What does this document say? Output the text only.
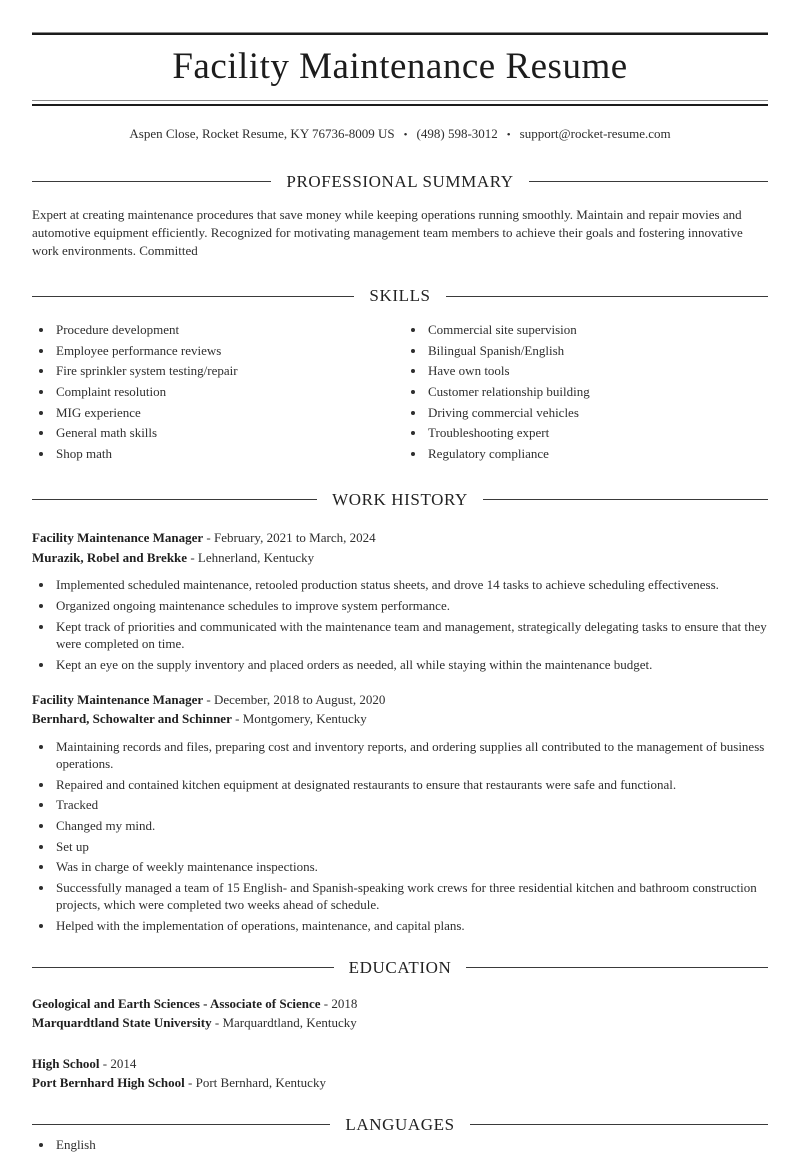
Facility Maintenance Resume
Aspen Close, Rocket Resume, KY 76736-8009 US • (498) 598-3012 • support@rocket-resume.com
PROFESSIONAL SUMMARY

Expert at creating maintenance procedures that save money while keeping operations running smoothly. Maintain and repair movies and automotive equipment efficiently. Recognized for motivating management team members to achieve their goals and fostering innovative work environments. Committed

SKILLS
• Procedure development
• Employee performance reviews
• Fire sprinkler system testing/repair
• Complaint resolution
• MIG experience
• General math skills
• Shop math
• Commercial site supervision
• Bilingual Spanish/English
• Have own tools
• Customer relationship building
• Driving commercial vehicles
• Troubleshooting expert
• Regulatory compliance
WORK HISTORY
Facility Maintenance Manager - February, 2021 to March, 2024
Murazik, Robel and Brekke - Lehnerland, Kentucky
• Implemented scheduled maintenance, retooled production status sheets, and drove 14 tasks to achieve scheduling effectiveness.
• Organized ongoing maintenance schedules to improve system performance.
• Kept track of priorities and communicated with the maintenance team and management, strategically delegating tasks to ensure that they were completed on time.
• Kept an eye on the supply inventory and placed orders as needed, all while staying within the maintenance budget.
Facility Maintenance Manager - December, 2018 to August, 2020
Bernhard, Schowalter and Schinner - Montgomery, Kentucky
• Maintaining records and files, preparing cost and inventory reports, and ordering supplies all contributed to the management of business operations.
• Repaired and contained kitchen equipment at designated restaurants to ensure that restaurants were safe and functional.
• Tracked
• Changed my mind.
• Set up
• Was in charge of weekly maintenance inspections.
• Successfully managed a team of 15 English- and Spanish-speaking work crews for three residential kitchen and bathroom construction projects, which were completed two weeks ahead of schedule.
• Helped with the implementation of operations, maintenance, and capital plans.
EDUCATION
Geological and Earth Sciences - Associate of Science - 2018
Marquardtland State University - Marquardtland, Kentucky
High School - 2014
Port Bernhard High School - Port Bernhard, Kentucky
LANGUAGES
• English
